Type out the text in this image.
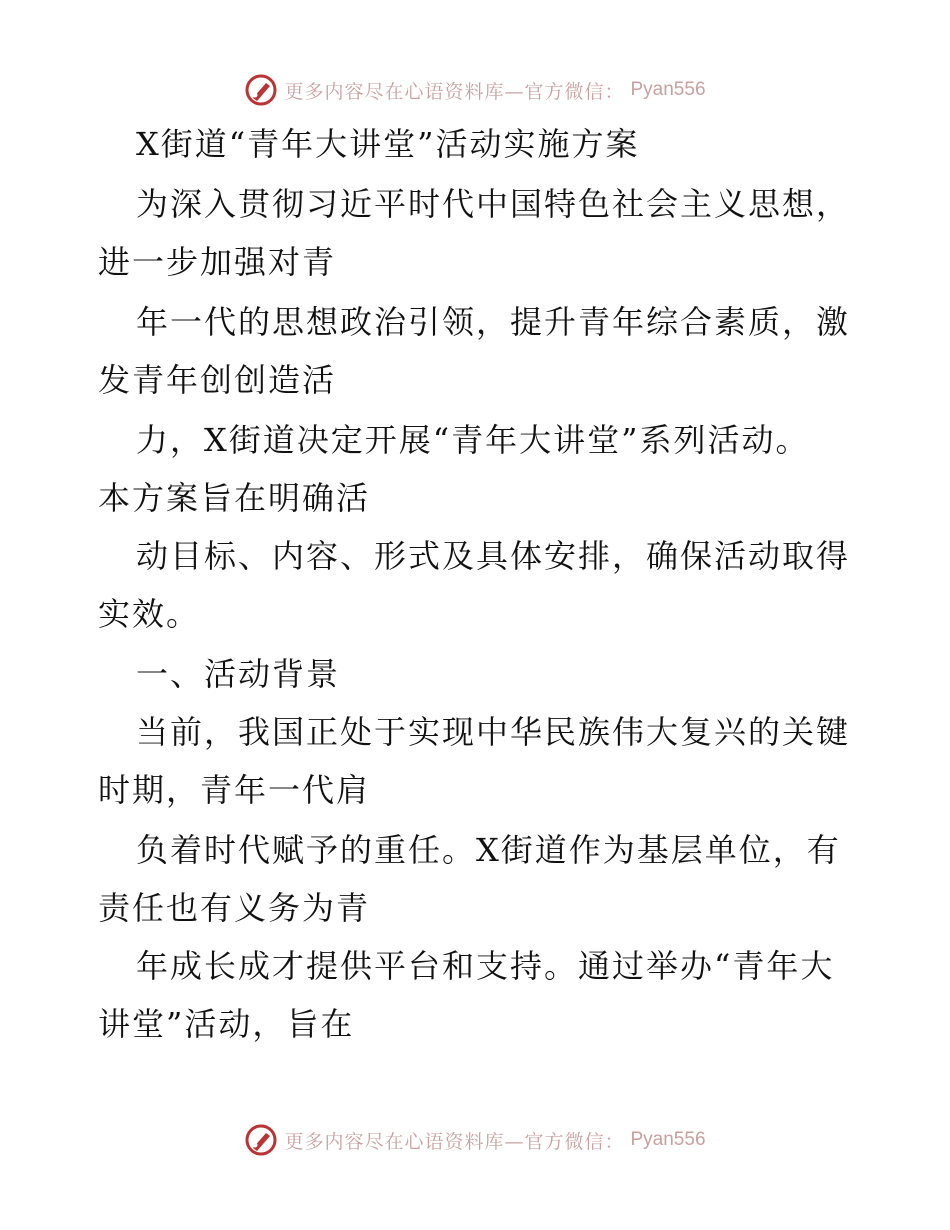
更多内容尽在心语资料库—官方微信： Pyan556
X街道“青年大讲堂”活动实施方案
为深入贯彻习近平时代中国特色社会主义思想，
进一步加强对青
年一代的思想政治引领，提升青年综合素质，激
发青年创创造活
力，X街道决定开展“青年大讲堂”系列活动。
本方案旨在明确活
动目标、内容、形式及具体安排，确保活动取得
实效。
一、活动背景
当前，我国正处于实现中华民族伟大复兴的关键
时期，青年一代肩
负着时代赋予的重任。X街道作为基层单位，有
责任也有义务为青
年成长成才提供平台和支持。通过举办“青年大
讲堂”活动，旨在
更多内容尽在心语资料库—官方微信： Pyan556
